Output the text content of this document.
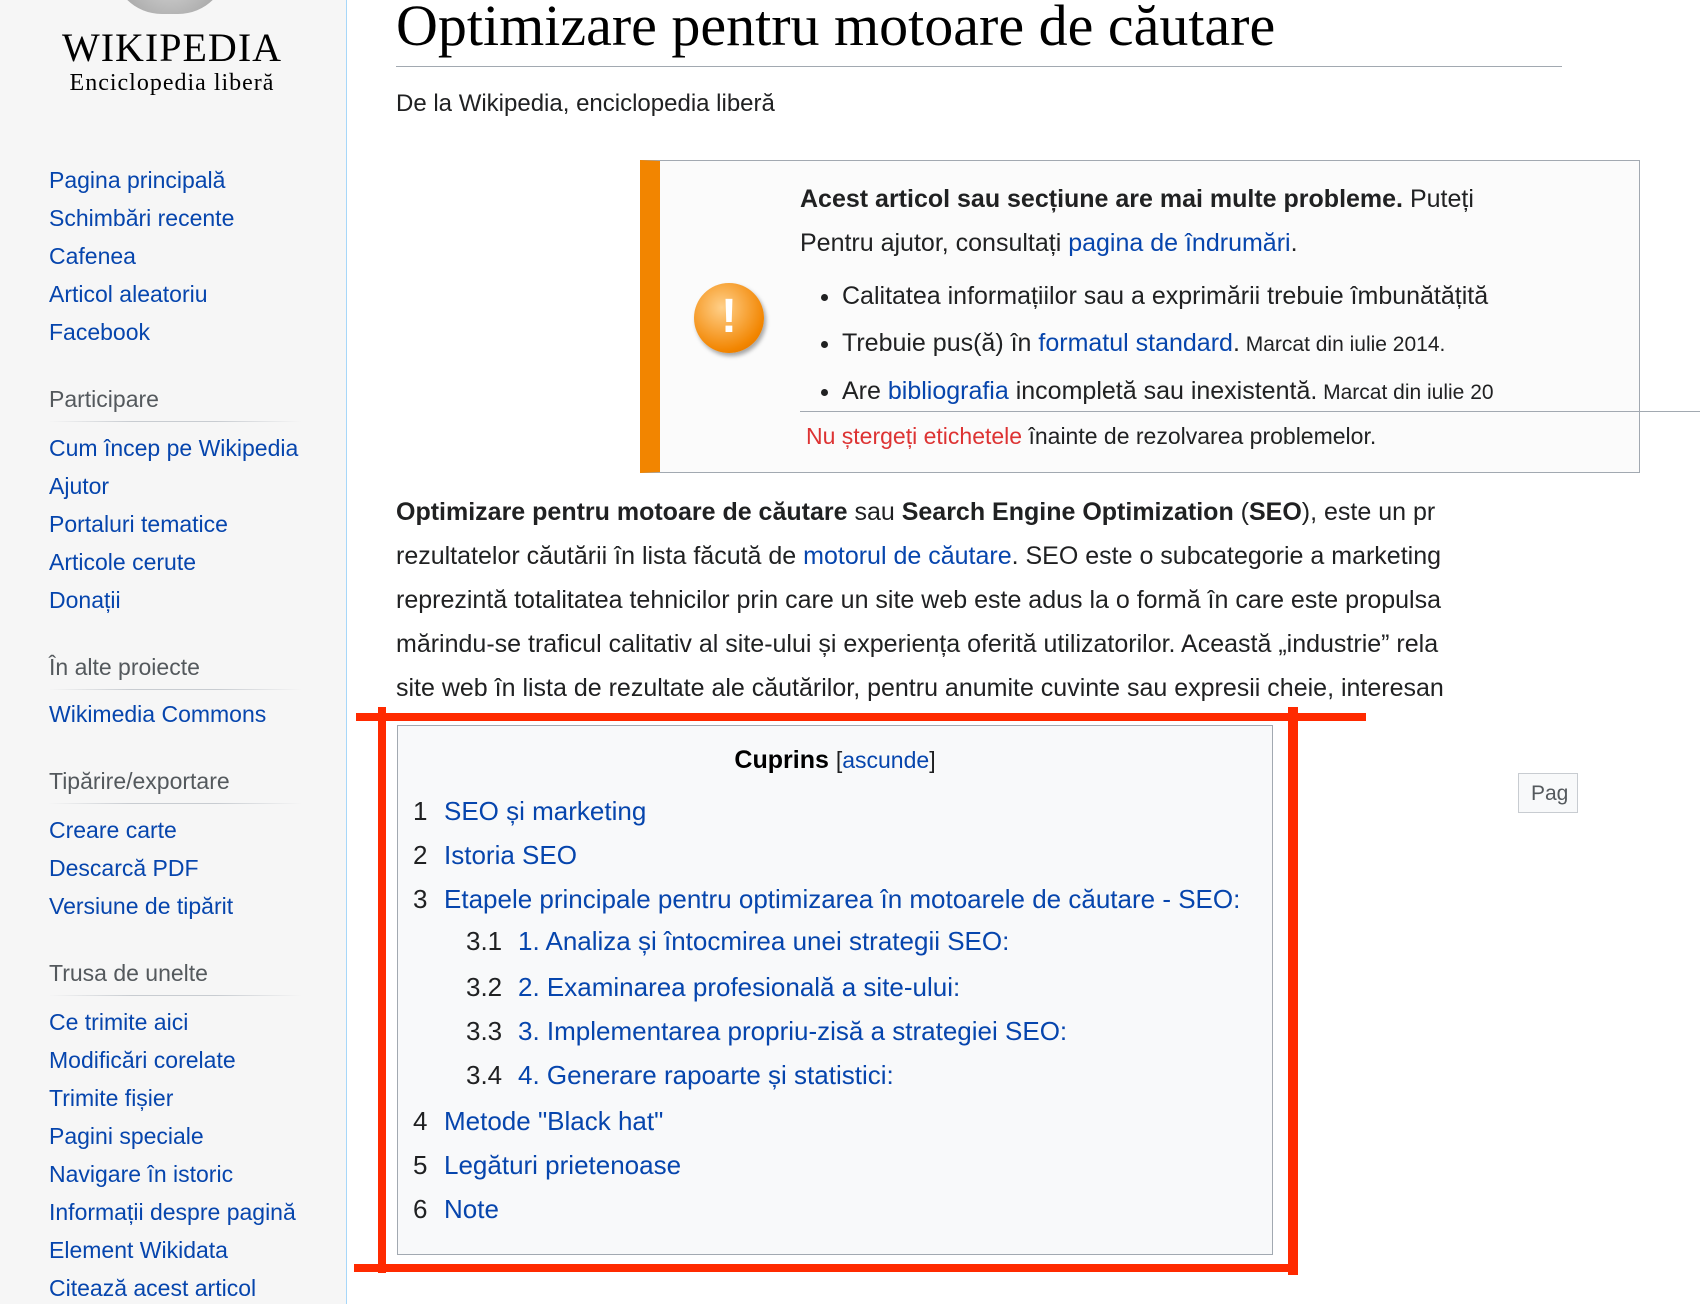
WIKIPEDIA
Enciclopedia liberă
Pagina principală
Schimbări recente
Cafenea
Articol aleatoriu
Facebook
Participare
Cum încep pe Wikipedia
Ajutor
Portaluri tematice
Articole cerute
Donații
În alte proiecte
Wikimedia Commons
Tipărire/exportare
Creare carte
Descarcă PDF
Versiune de tipărit
Trusa de unelte
Ce trimite aici
Modificări corelate
Trimite fișier
Pagini speciale
Navigare în istoric
Informații despre pagină
Element Wikidata
Citează acest articol
Optimizare pentru motoare de căutare
De la Wikipedia, enciclopedia liberă
!
Acest articol sau secțiune are mai multe probleme. Puteți
Pentru ajutor, consultați pagina de îndrumări.
• Calitatea informațiilor sau a exprimării trebuie îmbunătățită
• Trebuie pus(ă) în formatul standard. Marcat din iulie 2014.
• Are bibliografia incompletă sau inexistentă. Marcat din iulie 20
Nu ștergeți etichetele înainte de rezolvarea problemelor.

Optimizare pentru motoare de căutare sau Search Engine Optimization (SEO), este un pr
rezultatelor căutării în lista făcută de motorul de căutare. SEO este o subcategorie a marketing
reprezintă totalitatea tehnicilor prin care un site web este adus la o formă în care este propulsa
mărindu-se traficul calitativ al site-ului și experiența oferită utilizatorilor. Această „industrie” rela
site web în lista de rezultate ale căutărilor, pentru anumite cuvinte sau expresii cheie, interesan

Pag
Cuprins [ascunde]
1 SEO și marketing
2 Istoria SEO
3 Etapele principale pentru optimizarea în motoarele de căutare - SEO:
3.1 1. Analiza și întocmirea unei strategii SEO:
3.2 2. Examinarea profesională a site-ului:
3.3 3. Implementarea propriu-zisă a strategiei SEO:
3.4 4. Generare rapoarte și statistici:
4 Metode "Black hat"
5 Legături prietenoase
6 Note
